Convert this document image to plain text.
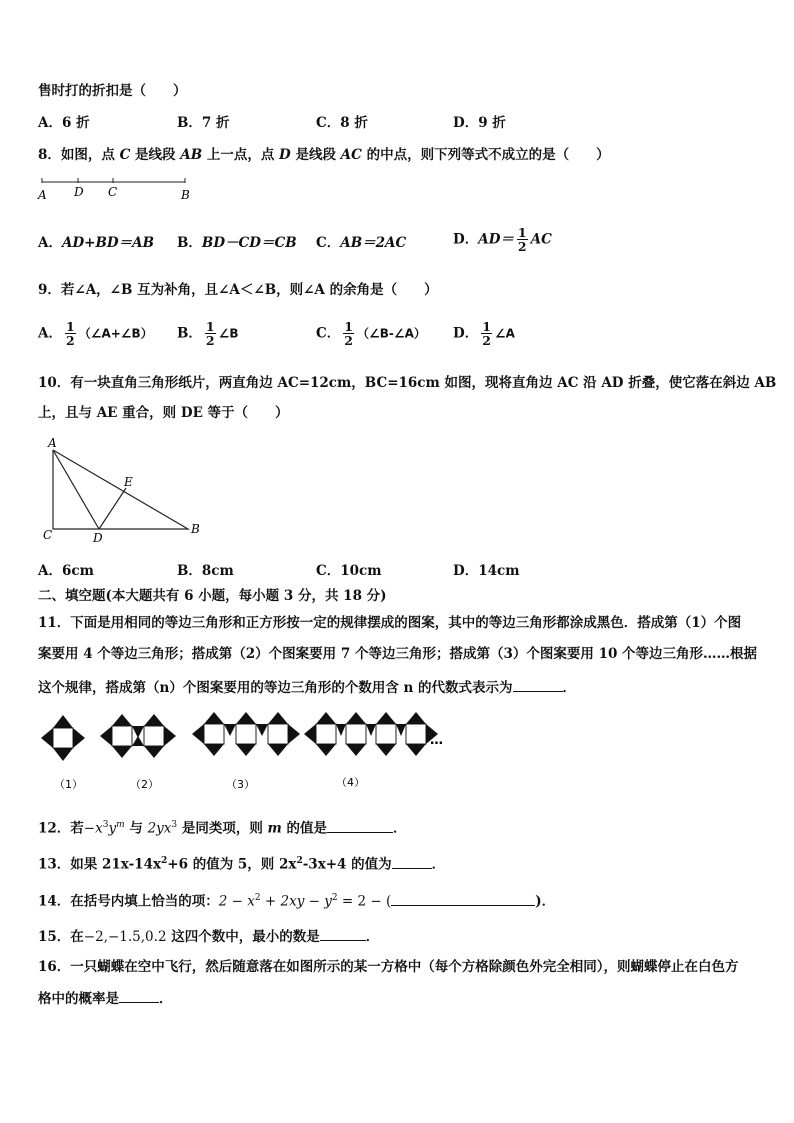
售时打的折扣是（　　）
A．6 折	B．7 折	C．8 折	D．9 折
8．如图，点 C 是线段 AB 上一点，点 D 是线段 AC 的中点，则下列等式不成立的是（　　）
A D C	B
A．AD+BD＝AB B．BD－CD＝CB C．AB＝2AC	D．$AD= \frac{1}{2}$ AC
9．若∠A，∠B 互为补角，且∠A＜∠B，则∠A 的余角是（　　）
A． $\frac{1}{2}$ （∠A+∠B） B． $\frac{1}{2}$ ∠B	C． $\frac{1}{2}$ （∠B-∠A） D． $\frac{1}{2}$ ∠A
10．有一块直角三角形纸片，两直角边 AC=12cm，BC=16cm 如图，现将直角边 AC 沿 AD 折叠，使它落在斜边 AB
上，且与 AE 重合，则 DE 等于（　　）
A
C	D
E
B
A．6cm	B．8cm	C．10cm	D．14cm
二、填空题(本大题共有 6 小题，每小题 3 分，共 18 分)
11．下面是用相同的等边三角形和正方形按一定的规律摆成的图案，其中的等边三角形都涂成黑色．搭成第（1）个图
案要用 4 个等边三角形；搭成第（2）个图案要用 7 个等边三角形；搭成第（3）个图案要用 10 个等边三角形……根据
这个规律，搭成第（n）个图案要用的等边三角形的个数用含 n 的代数式表示为	．
（1）	（2）	（3）	（4）
…
12．若$-x^3y^m$ 与 $2yx^3$ 是同类项，则 m 的值是	．
13．如果 $21x-14x^2+6$ 的值为 5，则 $2x^2-3x+4$ 的值为	．
14．在括号内填上恰当的项：$2 - x^2 + 2xy - y^2 = 2$ − (	)．
15．在−2,−1.5,0.2 这四个数中，最小的数是	．
16．一只蝴蝶在空中飞行，然后随意落在如图所示的某一方格中（每个方格除颜色外完全相同），则蝴蝶停止在白色方
格中的概率是	．
